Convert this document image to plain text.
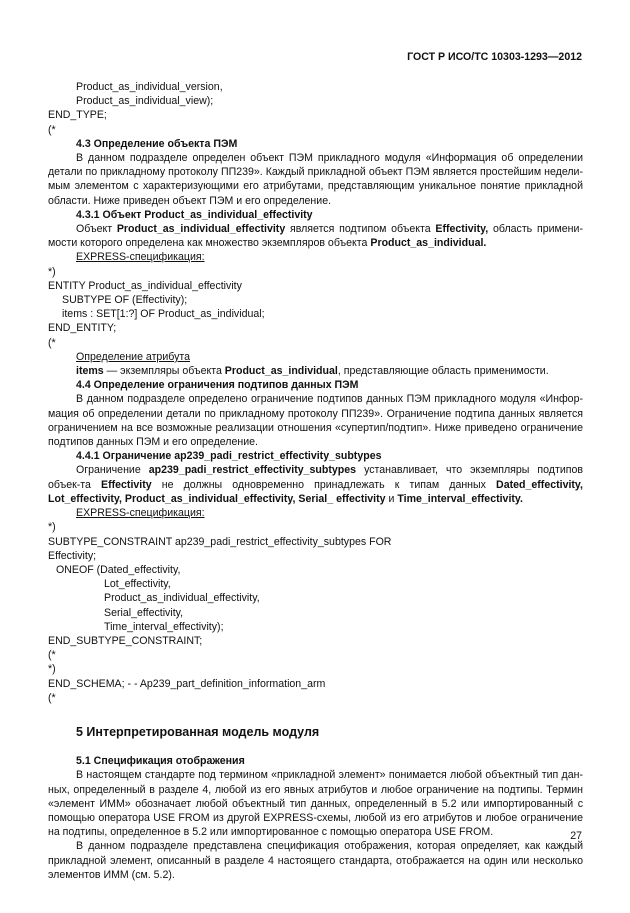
ГОСТ Р ИСО/ТС 10303-1293—2012

Product_as_individual_version,

Product_as_individual_view);

END_TYPE;

(*

4.3 Определение объекта ПЭМ

В данном подразделе определен объект ПЭМ прикладного модуля «Информация об определении детали по прикладному протоколу ПП239». Каждый прикладной объект ПЭМ является простейшим недели-мым элементом с характеризующими его атрибутами, представляющим уникальное понятие прикладной области. Ниже приведен объект ПЭМ и его определение.

4.3.1 Объект Product_as_individual_effectivity

Объект Product_as_individual_effectivity является подтипом объекта Effectivity, область примени-мости которого определена как множество экземпляров объекта Product_as_individual.

EXPRESS-спецификация:

*)

ENTITY Product_as_individual_effectivity

SUBTYPE OF (Effectivity);

items : SET[1:?] OF Product_as_individual;

END_ENTITY;

(*

Определение атрибута

items — экземпляры объекта Product_as_individual, представляющие область применимости.

4.4 Определение ограничения подтипов данных ПЭМ

В данном подразделе определено ограничение подтипов данных ПЭМ прикладного модуля «Инфор-мация об определении детали по прикладному протоколу ПП239». Ограничение подтипа данных является ограничением на все возможные реализации отношения «супертип/подтип». Ниже приведено ограничение подтипов данных ПЭМ и его определение.

4.4.1 Ограничение ap239_padi_restrict_effectivity_subtypes

Ограничение ap239_padi_restrict_effectivity_subtypes устанавливает, что экземпляры подтипов объек-та Effectivity не должны одновременно принадлежать к типам данных Dated_effectivity, Lot_effectivity, Product_as_individual_effectivity, Serial_ effectivity и Time_interval_effectivity.

EXPRESS-спецификация:

*)

SUBTYPE_CONSTRAINT ap239_padi_restrict_effectivity_subtypes FOR

Effectivity;

ONEOF (Dated_effectivity,

Lot_effectivity,

Product_as_individual_effectivity,

Serial_effectivity,

Time_interval_effectivity);

END_SUBTYPE_CONSTRAINT;

(*

*)

END_SCHEMA; - - Ap239_part_definition_information_arm

(*

5 Интерпретированная модель модуля

5.1 Спецификация отображения

В настоящем стандарте под термином «прикладной элемент» понимается любой объектный тип дан-ных, определенный в разделе 4, любой из его явных атрибутов и любое ограничение на подтипы. Термин «элемент ИММ» обозначает любой объектный тип данных, определенный в 5.2 или импортированный с помощью оператора USE FROM из другой EXPRESS-схемы, любой из его атрибутов и любое ограничение на подтипы, определенное в 5.2 или импортированное с помощью оператора USE FROM.

В данном подразделе представлена спецификация отображения, которая определяет, как каждый прикладной элемент, описанный в разделе 4 настоящего стандарта, отображается на один или несколько элементов ИММ (см. 5.2).

27
